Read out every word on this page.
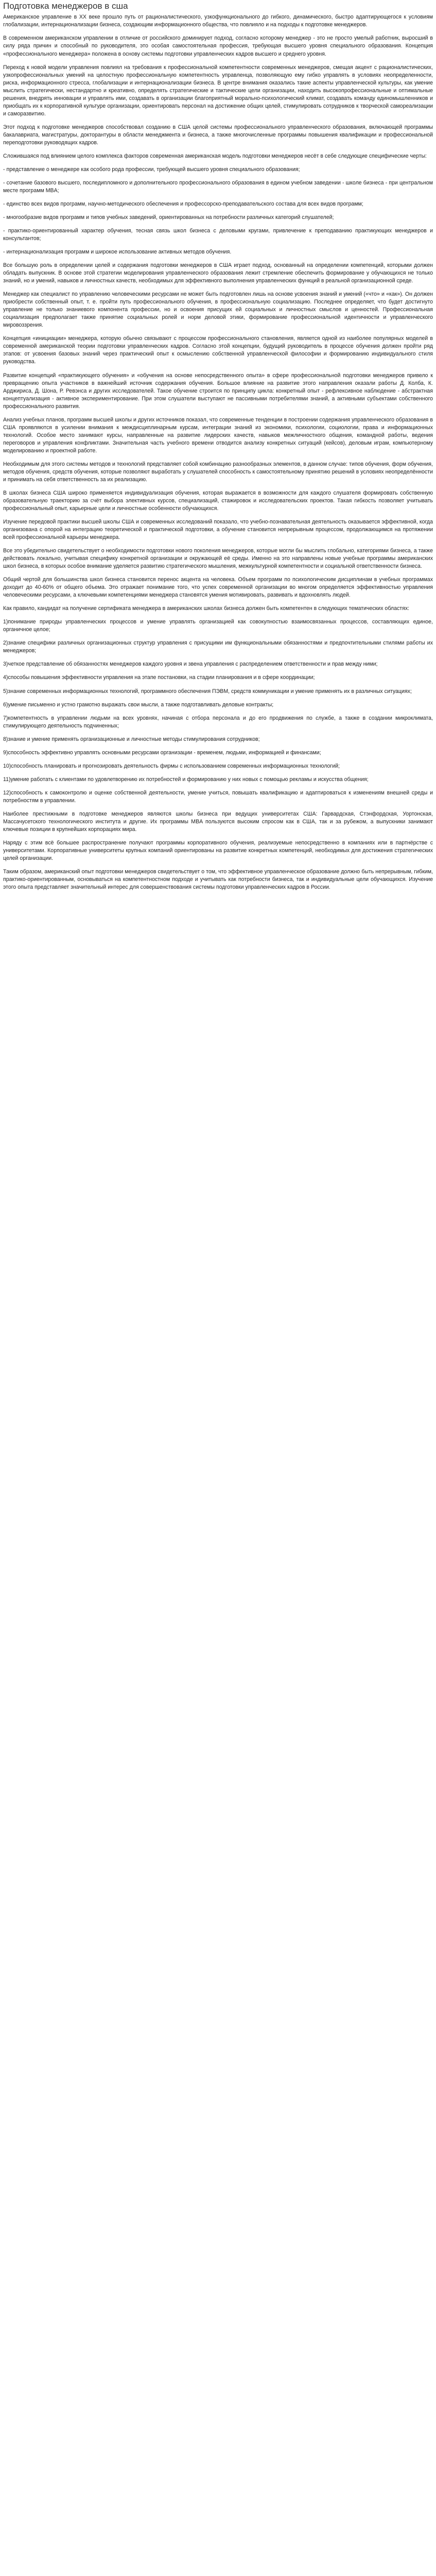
Подготовка менеджеров в сша

Американское управление в XX веке прошло путь от рационалистического, узкофункционального до гибкого, динамического, быстро адаптирующегося к условиям глобализации, интернационализации бизнеса, создающим информационного общества, что повлияло и на подходы к подготовке менеджеров.

В современном американском управлении в отличие от российского доминирует подход, согласно которому менеджер - это не просто умелый работник, выросший в силу ряда причин и способный по руководителя, это особая самостоятельная профессия, требующая высшего уровня специального образования. Концепция «профессионального менеджера» положена в основу системы подготовки управленческих кадров высшего и среднего уровня.

Переход к новой модели управления повлиял на требования к профессиональной компетентности современных менеджеров, смещая акцент с рационалистических, узкопрофессиональных умений на целостную профессиональную компетентность управленца, позволяющую ему гибко управлять в условиях неопределенности, риска, информационного стресса, глобализации и интернационализации бизнеса. В центре внимания оказались такие аспекты управленческой культуры, как умение мыслить стратегически, нестандартно и креативно, определять стратегические и тактические цели организации, находить высокопрофессиональные и оптимальные решения, внедрять инновации и управлять ими, создавать в организации благоприятный морально-психологический климат, создавать команду единомышленников и приобщать их к корпоративной культуре организации, ориентировать персонал на достижение общих целей, стимулировать сотрудников к творческой самореализации и саморазвитию.

Этот подход к подготовке менеджеров способствовал созданию в США целой системы профессионального управленческого образования, включающей программы бакалавриата, магистратуры, докторантуры в области менеджмента и бизнеса, а также многочисленные программы повышения квалификации и профессиональной переподготовки руководящих кадров.

Сложившаяся под влиянием целого комплекса факторов современная американская модель подготовки менеджеров несёт в себе следующие специфические черты:

- представление о менеджере как особого рода профессии, требующей высшего уровня специального образования;

- сочетание базового высшего, последипломного и дополнительного профессионального образования в едином учебном заведении - школе бизнеса - при центральном месте программ MBA;

- единство всех видов программ, научно-методического обеспечения и профессорско-преподавательского состава для всех видов программ;

- многообразие видов программ и типов учебных заведений, ориентированных на потребности различных категорий слушателей;

- практико-ориентированный характер обучения, тесная связь школ бизнеса с деловыми кругами, привлечение к преподаванию практикующих менеджеров и консультантов;

- интернационализация программ и широкое использование активных методов обучения.

Все большую роль в определении целей и содержания подготовки менеджеров в США играет подход, основанный на определении компетенций, которыми должен обладать выпускник. В основе этой стратегии моделирования управленческого образования лежит стремление обеспечить формирование у обучающихся не только знаний, но и умений, навыков и личностных качеств, необходимых для эффективного выполнения управленческих функций в реальной организационной среде.

Менеджер как специалист по управлению человеческими ресурсами не может быть подготовлен лишь на основе усвоения знаний и умений («что» и «как»). Он должен приобрести собственный опыт, т. е. пройти путь профессионального обучения, в профессиональную социализацию. Последнее определяет, что будет достигнуто управление не только знаниевого компонента профессии, но и освоения присущих ей социальных и личностных смыслов и ценностей. Профессиональная социализация предполагает также принятие социальных ролей и норм деловой этики, формирование профессиональной идентичности и управленческого мировоззрения.

Концепция «инициации» менеджера, которую обычно связывают с процессом профессионального становления, является одной из наиболее популярных моделей в современной американской теории подготовки управленческих кадров. Согласно этой концепции, будущий руководитель в процессе обучения должен пройти ряд этапов: от усвоения базовых знаний через практический опыт к осмыслению собственной управленческой философии и формированию индивидуального стиля руководства.

Развитие концепций «практикующего обучения» и «обучения на основе непосредственного опыта» в сфере профессиональной подготовки менеджеров привело к превращению опыта участников в важнейший источник содержания обучения. Большое влияние на развитие этого направления оказали работы Д. Колба, К. Арджириса, Д. Шона, Р. Ревэнса и других исследователей. Такое обучение строится по принципу цикла: конкретный опыт - рефлексивное наблюдение - абстрактная концептуализация - активное экспериментирование. При этом слушатели выступают не пассивными потребителями знаний, а активными субъектами собственного профессионального развития.

Анализ учебных планов, программ высшей школы и других источников показал, что современные тенденции в построении содержания управленческого образования в США проявляются в усилении внимания к междисциплинарным курсам, интеграции знаний из экономики, психологии, социологии, права и информационных технологий. Особое место занимают курсы, направленные на развитие лидерских качеств, навыков межличностного общения, командной работы, ведения переговоров и управления конфликтами. Значительная часть учебного времени отводится анализу конкретных ситуаций (кейсов), деловым играм, компьютерному моделированию и проектной работе.

Необходимым для этого системы методов и технологий представляет собой комбинацию разнообразных элементов, в данном случае: типов обучения, форм обучения, методов обучения, средств обучения, которые позволяют выработать у слушателей способность к самостоятельному принятию решений в условиях неопределённости и принимать на себя ответственность за их реализацию.

В школах бизнеса США широко применяется индивидуализация обучения, которая выражается в возможности для каждого слушателя формировать собственную образовательную траекторию за счёт выбора элективных курсов, специализаций, стажировок и исследовательских проектов. Такая гибкость позволяет учитывать профессиональный опыт, карьерные цели и личностные особенности обучающихся.

Изучение передовой практики высшей школы США и современных исследований показало, что учебно-познавательная деятельность оказывается эффективной, когда организована с опорой на интеграцию теоретической и практической подготовки, а обучение становится непрерывным процессом, продолжающимся на протяжении всей профессиональной карьеры менеджера.

Все это убедительно свидетельствует о необходимости подготовки нового поколения менеджеров, которые могли бы мыслить глобально, категориями бизнеса, а также действовать локально, учитывая специфику конкретной организации и окружающей её среды. Именно на это направлены новые учебные программы американских школ бизнеса, в которых особое внимание уделяется развитию стратегического мышления, межкультурной компетентности и социальной ответственности бизнеса.

Общий чертой для большинства школ бизнеса становится перенос акцента на человека. Объем программ по психологическим дисциплинам в учебных программах доходит до 40-60% от общего объема. Это отражает понимание того, что успех современной организации во многом определяется эффективностью управления человеческими ресурсами, а ключевыми компетенциями менеджера становятся умения мотивировать, развивать и вдохновлять людей.

Как правило, кандидат на получение сертификата менеджера в американских школах бизнеса должен быть компетентен в следующих тематических областях:

1)понимание природы управленческих процессов и умение управлять организацией как совокупностью взаимосвязанных процессов, составляющих единое, органичное целое;

2)знание специфики различных организационных структур управления с присущими им функциональными обязанностями и предпочтительными стилями работы их менеджеров;

3)четкое представление об обязанностях менеджеров каждого уровня и звена управления с распределением ответственности и прав между ними;

4)способы повышения эффективности управления на этапе постановки, на стадии планирования и в сфере координации;

5)знание современных информационных технологий, программного обеспечения ПЭВМ, средств коммуникации и умение применять их в различных ситуациях;

6)умение письменно и устно грамотно выражать свои мысли, а также подготавливать деловые контракты;

7)компетентность в управлении людьми на всех уровнях, начиная с отбора персонала и до его продвижения по службе, а также в создании микроклимата, стимулирующего деятельность подчиненных;

8)знание и умение применять организационные и личностные методы стимулирования сотрудников;

9)способность эффективно управлять основными ресурсами организации - временем, людьми, информацией и финансами;

10)способность планировать и прогнозировать деятельность фирмы с использованием современных информационных технологий;

11)умение работать с клиентами по удовлетворению их потребностей и формированию у них новых с помощью рекламы и искусства общения;

12)способность к самоконтролю и оценке собственной деятельности, умение учиться, повышать квалификацию и адаптироваться к изменениям внешней среды и потребностям в управлении.

Наиболее престижными в подготовке менеджеров являются школы бизнеса при ведущих университетах США: Гарвардская, Стэнфордская, Уортонская, Массачусетского технологического института и другие. Их программы MBA пользуются высоким спросом как в США, так и за рубежом, а выпускники занимают ключевые позиции в крупнейших корпорациях мира.

Наряду с этим всё большее распространение получают программы корпоративного обучения, реализуемые непосредственно в компаниях или в партнёрстве с университетами. Корпоративные университеты крупных компаний ориентированы на развитие конкретных компетенций, необходимых для достижения стратегических целей организации.

Таким образом, американский опыт подготовки менеджеров свидетельствует о том, что эффективное управленческое образование должно быть непрерывным, гибким, практико-ориентированным, основываться на компетентностном подходе и учитывать как потребности бизнеса, так и индивидуальные цели обучающихся. Изучение этого опыта представляет значительный интерес для совершенствования системы подготовки управленческих кадров в России.
